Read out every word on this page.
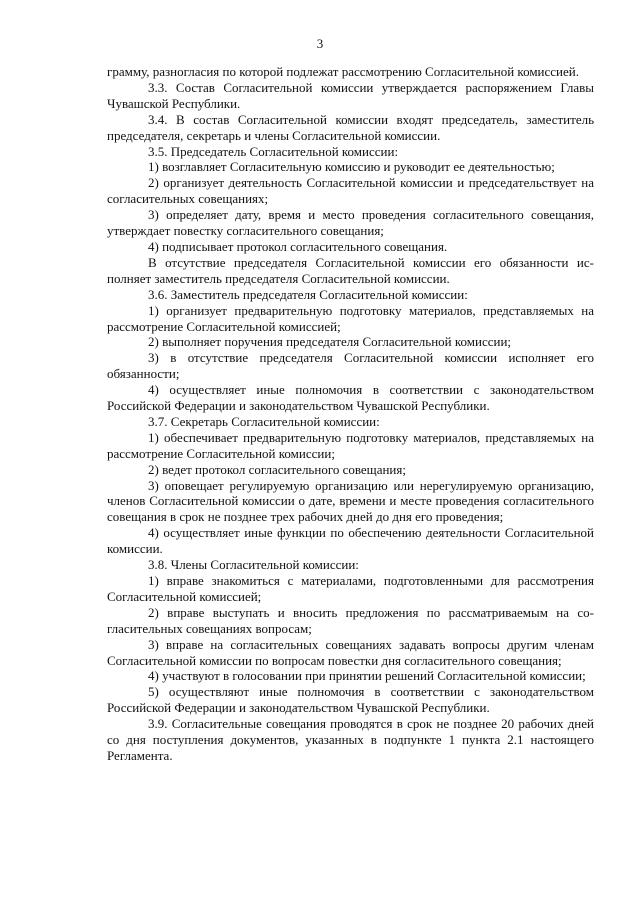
3

грамму, разногласия по которой подлежат рассмотрению Согласительной комиссией.

3.3. Состав Согласительной комиссии утверждается распоряжением Главы Чувашской Республики.

3.4. В состав Согласительной комиссии входят председатель, заместитель председателя, секретарь и члены Согласительной комиссии.

3.5. Председатель Согласительной комиссии:

1) возглавляет Согласительную комиссию и руководит ее деятельностью;

2) организует деятельность Согласительной комиссии и председательствует на согласительных совещаниях;

3) определяет дату, время и место проведения согласительного совещания, утверждает повестку согласительного совещания;

4) подписывает протокол согласительного совещания.

В отсутствие председателя Согласительной комиссии его обязанности исполняет заместитель председателя Согласительной комиссии.

3.6. Заместитель председателя Согласительной комиссии:

1) организует предварительную подготовку материалов, представляемых на рассмотрение Согласительной комиссией;

2) выполняет поручения председателя Согласительной комиссии;

3) в отсутствие председателя Согласительной комиссии исполняет его обязанности;

4) осуществляет иные полномочия в соответствии с законодательством Российской Федерации и законодательством Чувашской Республики.

3.7. Секретарь Согласительной комиссии:

1) обеспечивает предварительную подготовку материалов, представляемых на рассмотрение Согласительной комиссии;

2) ведет протокол согласительного совещания;

3) оповещает регулируемую организацию или нерегулируемую организацию, членов Согласительной комиссии о дате, времени и месте проведения согласительного совещания в срок не позднее трех рабочих дней до дня его проведения;

4) осуществляет иные функции по обеспечению деятельности Согласительной комиссии.

3.8. Члены Согласительной комиссии:

1) вправе знакомиться с материалами, подготовленными для рассмотрения Согласительной комиссией;

2) вправе выступать и вносить предложения по рассматриваемым на согласительных совещаниях вопросам;

3) вправе на согласительных совещаниях задавать вопросы другим членам Согласительной комиссии по вопросам повестки дня согласительного совещания;

4) участвуют в голосовании при принятии решений Согласительной комиссии;

5) осуществляют иные полномочия в соответствии с законодательством Российской Федерации и законодательством Чувашской Республики.

3.9. Согласительные совещания проводятся в срок не позднее 20 рабочих дней со дня поступления документов, указанных в подпункте 1 пункта 2.1 настоящего Регламента.
